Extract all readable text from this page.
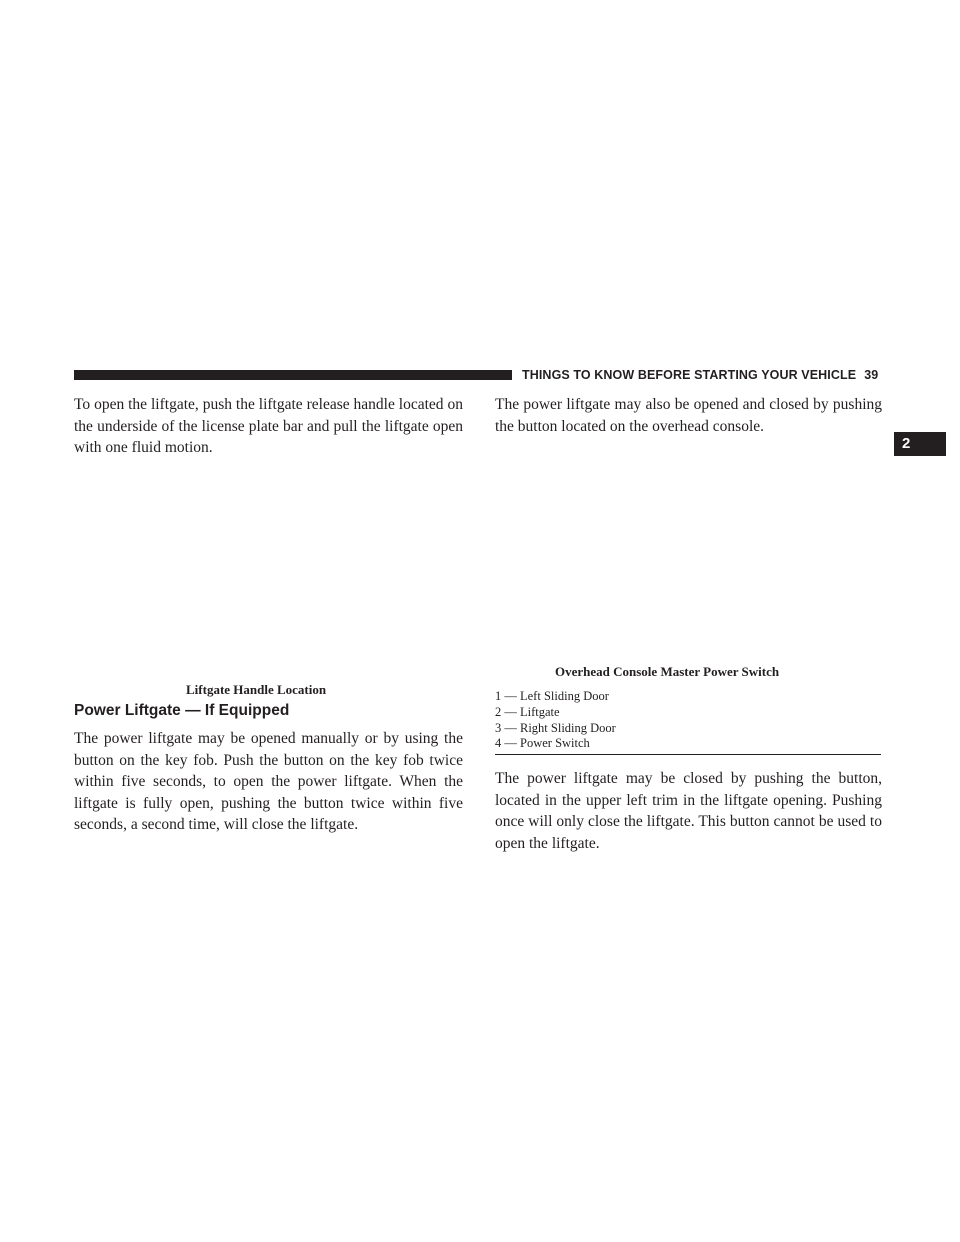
THINGS TO KNOW BEFORE STARTING YOUR VEHICLE 39
2

To open the liftgate, push the liftgate release handle located on the underside of the license plate bar and pull the liftgate open with one fluid motion.

Liftgate Handle Location
Power Liftgate — If Equipped

The power liftgate may be opened manually or by using the button on the key fob. Push the button on the key fob twice within five seconds, to open the power liftgate. When the liftgate is fully open, pushing the button twice within five seconds, a second time, will close the liftgate.

The power liftgate may also be opened and closed by pushing the button located on the overhead console.

Overhead Console Master Power Switch
1 — Left Sliding Door
2 — Liftgate
3 — Right Sliding Door
4 — Power Switch

The power liftgate may be closed by pushing the button, located in the upper left trim in the liftgate opening. Pushing once will only close the liftgate. This button cannot be used to open the liftgate.
